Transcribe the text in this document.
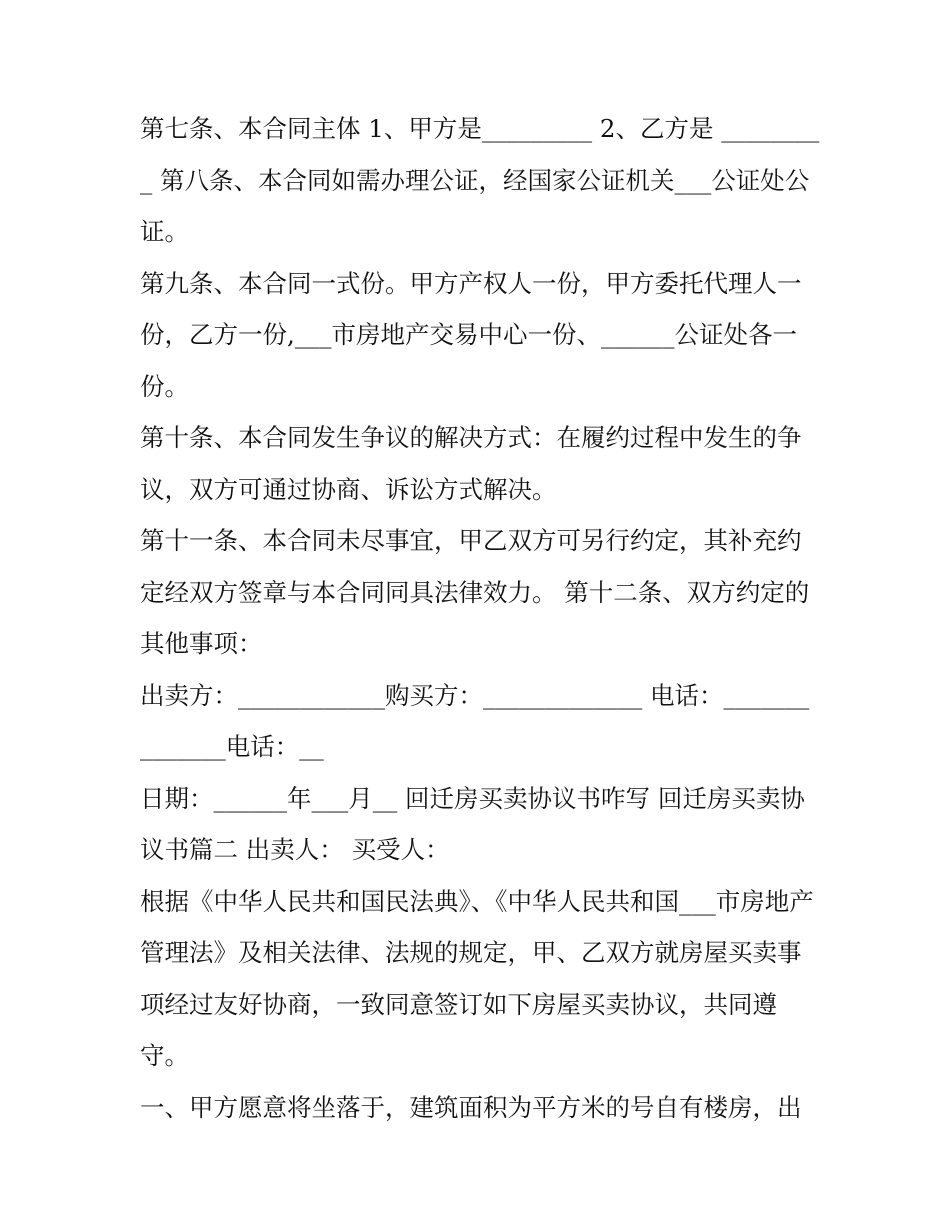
第七条、本合同主体 1、甲方是_________ 2、乙方是 _________ 第八条、本合同如需办理公证，经国家公证机关___公证处公证。

第九条、本合同一式份。甲方产权人一份，甲方委托代理人一份，乙方一份,___市房地产交易中心一份、______公证处各一份。

第十条、本合同发生争议的解决方式：在履约过程中发生的争议，双方可通过协商、诉讼方式解决。

第十一条、本合同未尽事宜，甲乙双方可另行约定，其补充约定经双方签章与本合同同具法律效力。 第十二条、双方约定的其他事项：

出卖方：____________购买方：_____________ 电话：______________电话：__

日期：______年___月__ 回迁房买卖协议书咋写 回迁房买卖协议书篇二 出卖人： 买受人：

根据《中华人民共和国民法典》、《中华人民共和国___市房地产管理法》及相关法律、法规的规定，甲、乙双方就房屋买卖事项经过友好协商，一致同意签订如下房屋买卖协议，共同遵守。

一、甲方愿意将坐落于，建筑面积为平方米的号自有楼房，出
